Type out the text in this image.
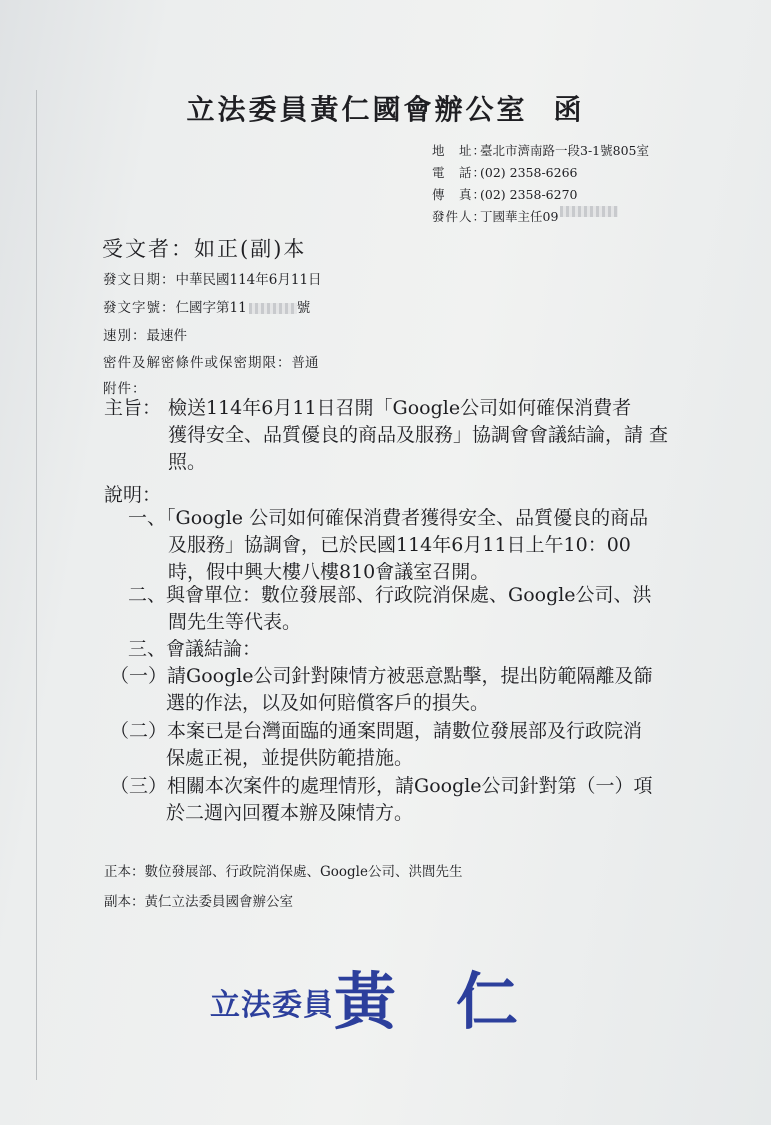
立法委員黃仁國會辦公室 函
地　址：
臺北市濟南路一段3-1號805室
電　話：
(02) 2358-6266
傳　真：
(02) 2358-6270
發件人：
丁國華主任09
受文者：如正(副)本
發文日期：中華民國114年6月11日
發文字號：仁國字第11	號
速別：最速件
密件及解密條件或保密期限：普通
附件：
主旨： 檢送114年6月11日召開「Google公司如何確保消費者
獲得安全、品質優良的商品及服務」協調會會議結論，請 查
照。
說明：
一、「Google 公司如何確保消費者獲得安全、品質優良的商品
及服務」協調會，已於民國114年6月11日上午10：00
時，假中興大樓八樓810會議室召開。
二、與會單位：數位發展部、行政院消保處、Google公司、洪
閭先生等代表。
三、會議結論：
（一）請Google公司針對陳情方被惡意點擊，提出防範隔離及篩
選的作法，以及如何賠償客戶的損失。
（二）本案已是台灣面臨的通案問題，請數位發展部及行政院消
保處正視，並提供防範措施。
（三）相關本次案件的處理情形，請Google公司針對第（一）項
於二週內回覆本辦及陳情方。
正本：數位發展部、行政院消保處、Google公司、洪閭先生
副本：黃仁立法委員國會辦公室
立法委員黃 仁
